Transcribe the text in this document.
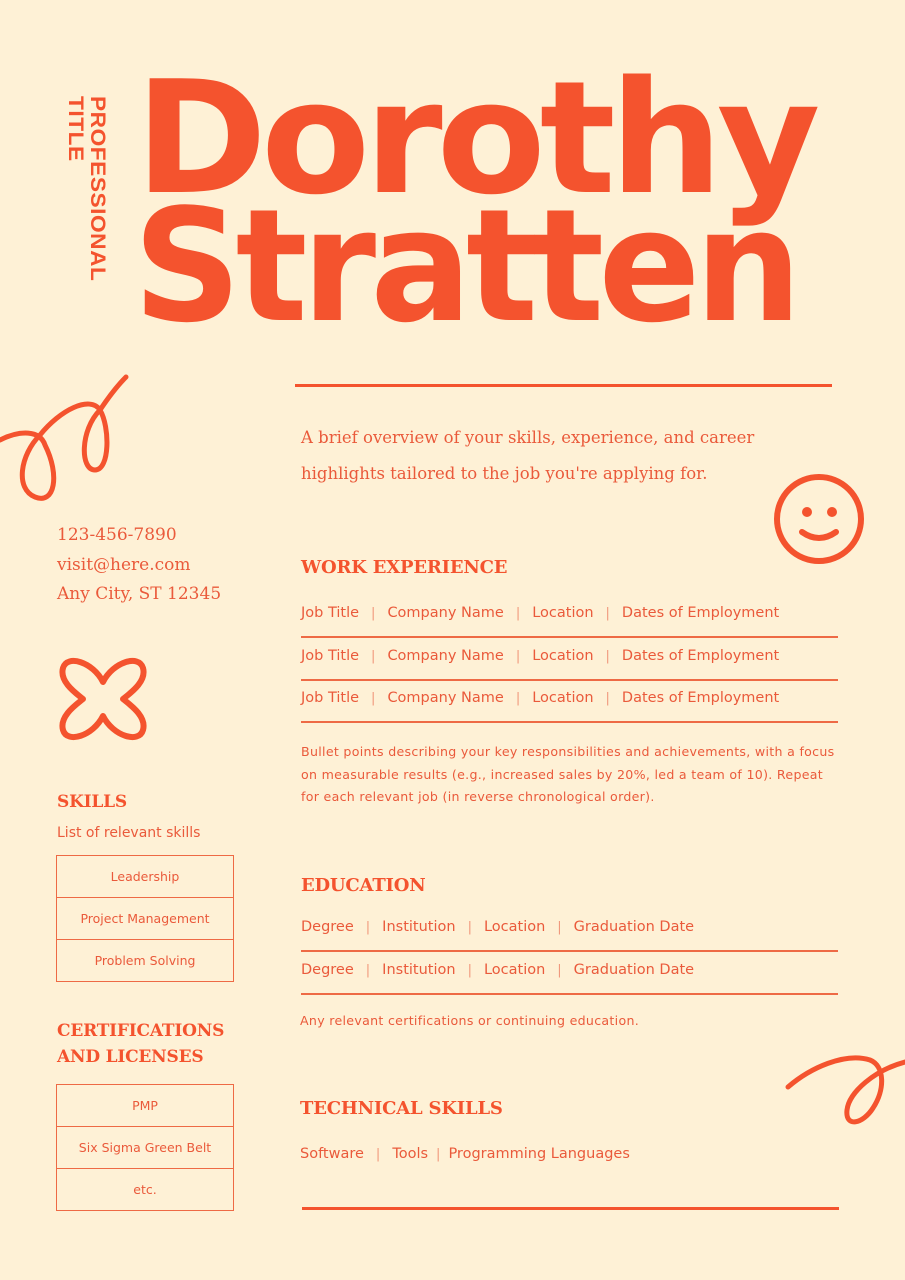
PROFESSIONAL
TITLE Dorothy
Stratten
A brief overview of your skills, experience, and career highlights tailored to the job you're applying for.
123-456-7890
visit@here.com
Any City, ST 12345
WORK EXPERIENCE
Job Title | Company Name | Location | Dates of Employment
Job Title | Company Name | Location | Dates of Employment
Job Title | Company Name | Location | Dates of Employment
Bullet points describing your key responsibilities and achievements, with a focus on measurable results (e.g., increased sales by 20%, led a team of 10). Repeat for each relevant job (in reverse chronological order).
SKILLS
List of relevant skills
Leadership
Project Management
Problem Solving
EDUCATION
Degree | Institution | Location | Graduation Date
Degree | Institution | Location | Graduation Date
Any relevant certifications or continuing education.
CERTIFICATIONS
AND LICENSES
PMP
Six Sigma Green Belt
etc.
TECHNICAL SKILLS
Software | Tools | Programming Languages
